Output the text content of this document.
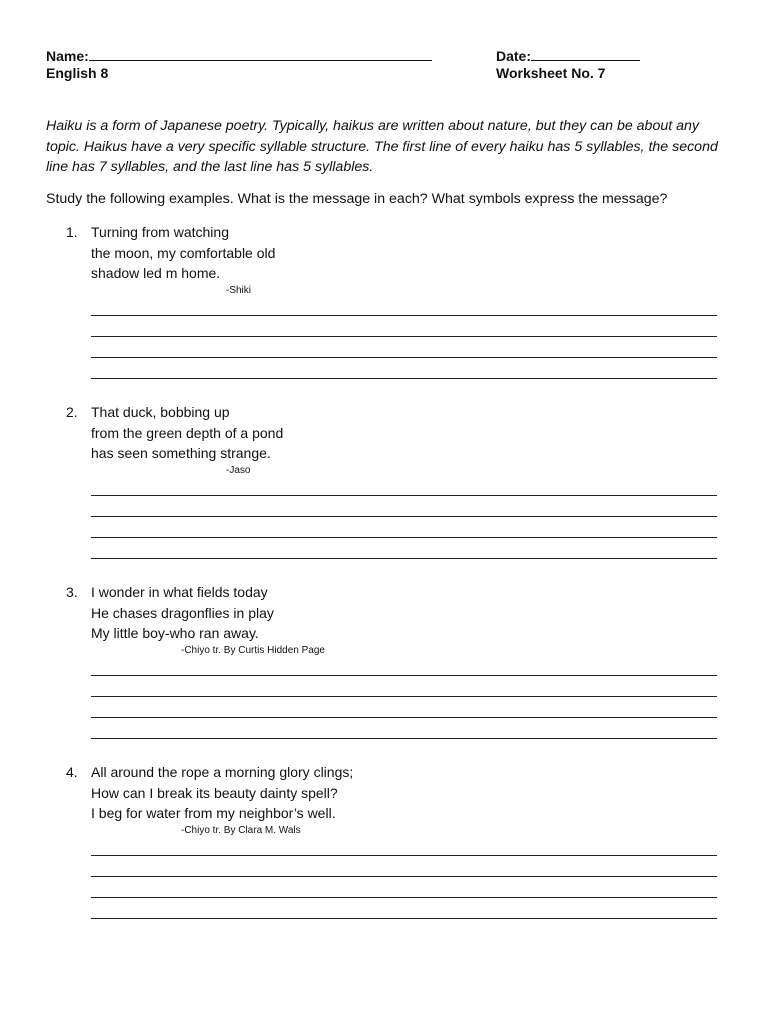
Name:
English 8
Date:
Worksheet No. 7
Haiku is a form of Japanese poetry. Typically, haikus are written about nature, but they can be about any topic. Haikus have a very specific syllable structure. The first line of every haiku has 5 syllables, the second line has 7 syllables, and the last line has 5 syllables.
Study the following examples. What is the message in each? What symbols express the message?
1. Turning from watching
the moon, my comfortable old
shadow led m home.
-Shiki
2. That duck, bobbing up
from the green depth of a pond
has seen something strange.
-Jaso
3. I wonder in what fields today
He chases dragonflies in play
My little boy-who ran away.
-Chiyo tr. By Curtis Hidden Page
4. All around the rope a morning glory clings;
How can I break its beauty dainty spell?
I beg for water from my neighbor’s well.
-Chiyo tr. By Clara M. Wals
